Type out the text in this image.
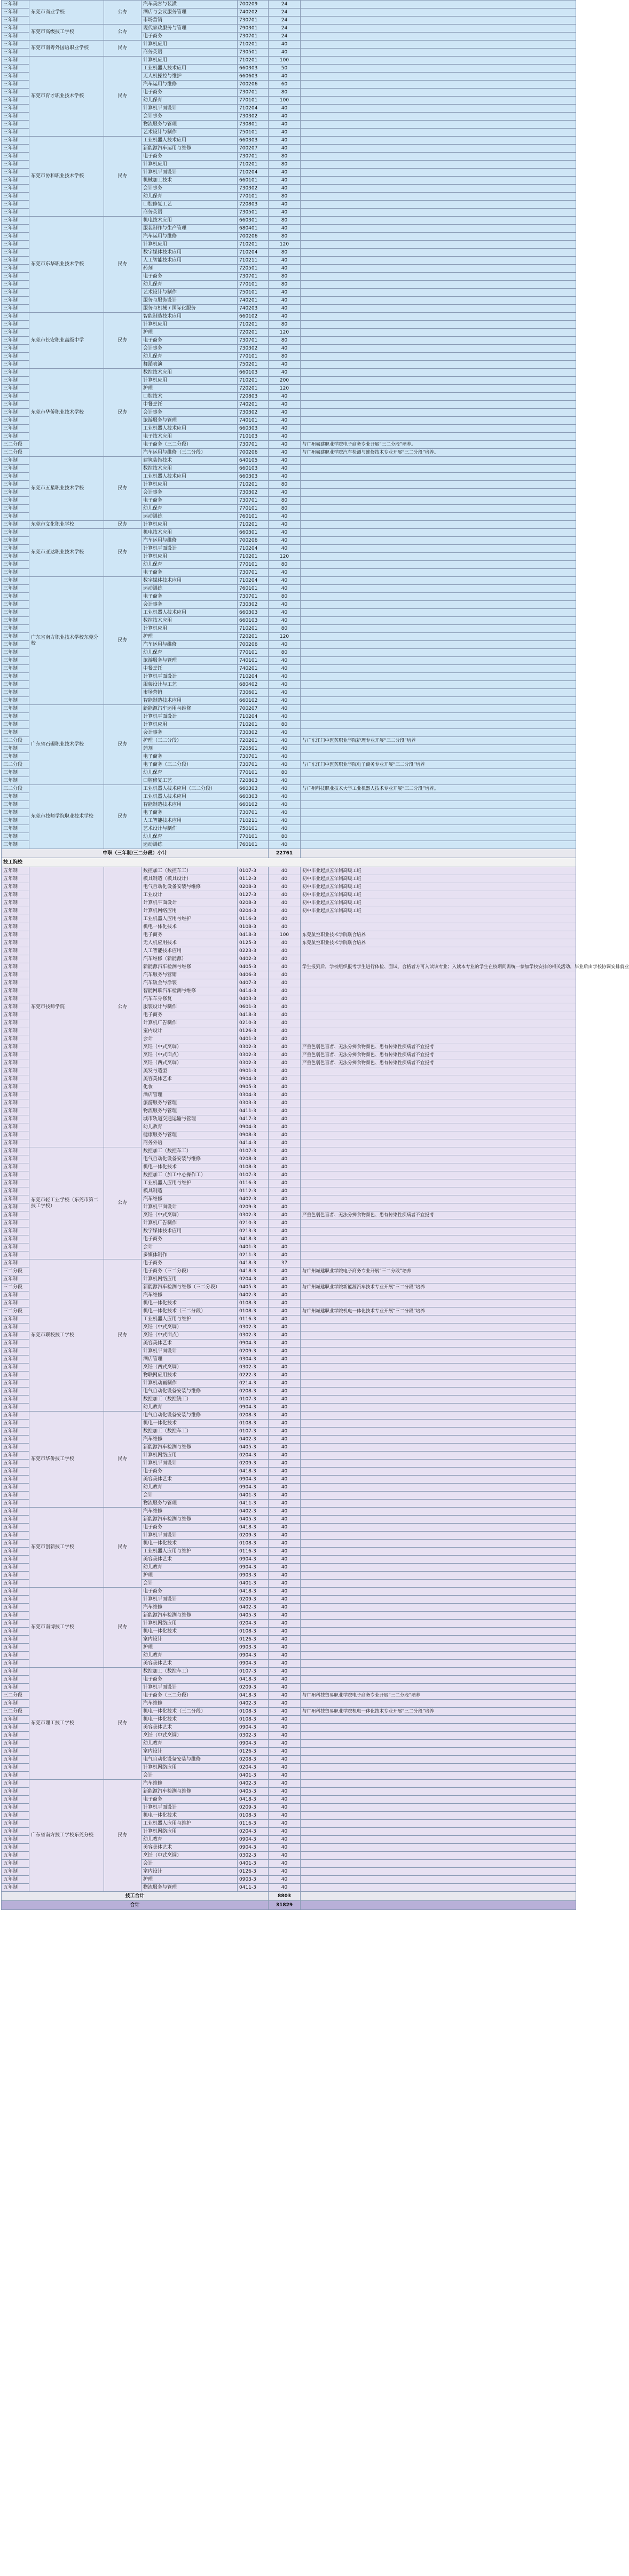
三年制	东莞市商业学校	公办	汽车美容与装潢	700209	24	
三年制			酒店与会议服务管理	740202	24	
三年制			市场营销	730701	24	
三年制	东莞市高级技工学校	公办	现代家政服务与管理	790301	24	
三年制			电子商务	730701	24	
三年制	东莞市南粤外国语职业学校	民办	计算机应用	710201	40	
三年制			商务英语	730501	40	
三年制	东莞市育才职业技术学校	民办	计算机应用	710201	100	
三年制			工业机器人技术应用	660303	50	
三年制			无人机操控与维护	660603	40	
三年制			汽车运用与维修	700206	60	
三年制			电子商务	730701	80	
三年制			幼儿保育	770101	100	
三年制			计算机平面设计	710204	40	
三年制			会计事务	730302	40	
三年制			物流服务与管理	730801	40	
三年制			艺术设计与制作	750101	40	
三年制	东莞市协和职业技术学校	民办	工业机器人技术应用	660303	40	
三年制			新能源汽车运用与维修	700207	40	
三年制			电子商务	730701	80	
三年制			计算机应用	710201	80	
三年制			计算机平面设计	710204	40	
三年制			机械加工技术	660101	40	
三年制			会计事务	730302	40	
三年制			幼儿保育	770101	80	
三年制			口腔修复工艺	720803	40	
三年制			商务英语	730501	40	
三年制	东莞市东华职业技术学校	民办	机电技术应用	660301	80	
三年制			服装制作与生产管理	680401	40	
三年制			汽车运用与维修	700206	80	
三年制			计算机应用	710201	120	
三年制			数字媒体技术应用	710204	80	
三年制			人工智能技术应用	710211	40	
三年制			药剂	720501	40	
三年制			电子商务	730701	80	
三年制			幼儿保育	770101	80	
三年制			艺术设计与制作	750101	40	
三年制			服务与服饰设计	740201	40	
三年制			服务与机械 / 国际化服务	740203	40	
三年制	东莞市长安职业高级中学	民办	智能制造技术应用	660102	40	
三年制			计算机应用	710201	80	
三年制			护理	720201	120	
三年制			电子商务	730701	80	
三年制			会计事务	730302	40	
三年制			幼儿保育	770101	80	
三年制			舞蹈表演	750201	40	
三年制	东莞市华侨职业技术学校	民办	数控技术应用	660103	40	
三年制			计算机应用	710201	200	
三年制			护理	720201	120	
三年制			口腔技术	720803	40	
三年制			中餐烹饪	740201	40	
三年制			会计事务	730302	40	
三年制			旅游服务与管理	740101	40	
三年制			工业机器人技术应用	660303	40	
三年制			电子技术应用	710103	40	
三二分段			电子商务（三二分段）	730701	40	与广州城建职业学院电子商务专业开展“三二分段”培养。
三二分段			汽车运用与维修（三二分段）	700206	40	与广州城建职业学院汽车检测与维修技术专业开展“三二分段”培养。
三年制	东莞市五星职业技术学校	民办	建筑装饰技术	640105	40	
三年制			数控技术应用	660103	40	
三年制			工业机器人技术应用	660303	40	
三年制			计算机应用	710201	80	
三年制			会计事务	730302	40	
三年制			电子商务	730701	80	
三年制			幼儿保育	770101	80	
三年制			运动训练	760101	40	
三年制	东莞市文化职业学校	民办	计算机应用	710201	40	
三年制	东莞市亚达职业技术学校	民办	机电技术应用	660301	40	
三年制			汽车运用与维修	700206	40	
三年制			计算机平面设计	710204	40	
三年制			计算机应用	710201	120	
三年制			幼儿保育	770101	80	
三年制			电子商务	730701	40	
三年制	广东省南方职业技术学校东莞分校	民办	数字媒体技术应用	710204	40	
三年制			运动训练	760101	40	
三年制			电子商务	730701	80	
三年制			会计事务	730302	40	
三年制			工业机器人技术应用	660303	40	
三年制			数控技术应用	660103	40	
三年制			计算机应用	710201	80	
三年制			护理	720201	120	
三年制			汽车运用与维修	700206	40	
三年制			幼儿保育	770101	80	
三年制			旅游服务与管理	740101	40	
三年制			中餐烹饪	740201	40	
三年制			计算机平面设计	710204	40	
三年制			服装设计与工艺	680402	40	
三年制			市场营销	730601	40	
三年制			智能制造技术应用	660102	40	
三年制	广东省石碣职业技术学校	民办	新能源汽车运用与维修	700207	40	
三年制			计算机平面设计	710204	40	
三年制			计算机应用	710201	80	
三年制			会计事务	730302	40	
三二分段			护理（三二分段）	720201	40	与广东江门中医药职业学院护理专业开展“三二分段”培养
三年制			药剂	720501	40	
三年制			电子商务	730701	40	
三二分段			电子商务（三二分段）	730701	40	与广东江门中医药职业学院电子商务专业开展“三二分段”培养
三年制			幼儿保育	770101	80	
三年制			口腔修复工艺	720803	40	
三二分段	东莞市技师学院职业技术学校	民办	工业机器人技术应用（三二分段）	660303	40	与广州科技职业技术大学工业机器人技术专业开展“三二分段”培养。
三年制			工业机器人技术应用	660303	40	
三年制			智能制造技术应用	660102	40	
三年制			电子商务	730701	40	
三年制			人工智能技术应用	710211	40	
三年制			艺术设计与制作	750101	40	
三年制			幼儿保育	770101	80	
三年制			运动训练	760101	40	
中职（三年制/三二分段）小计					22761	
技工院校						
五年制	东莞市技师学院	公办	数控加工（数控车工）	0107-3	40	初中毕业起点五年制高级工班
五年制			模具制造（模具设计）	0112-3	40	初中毕业起点五年制高级工班
五年制			电气自动化设备安装与维修	0208-3	40	初中毕业起点五年制高级工班
五年制			工业设计	0127-3	40	初中毕业起点五年制高级工班
五年制			计算机平面设计	0208-3	40	初中毕业起点五年制高级工班
五年制			计算机网络应用	0204-3	40	初中毕业起点五年制高级工班
五年制			工业机器人应用与维护	0116-3	40	
五年制			机电一体化技术	0108-3	40	
五年制			电子商务	0418-3	100	东莞航空职业技术学院联合培养
五年制			无人机应用技术	0125-3	40	东莞航空职业技术学院联合培养
五年制			人工智能技术应用	0223-3	40	
五年制			汽车维修（新能源）	0402-3	40	
五年制			新能源汽车检测与维修	0405-3	40	学生报到后，学校组织报考学生进行体检、面试，合格者方可入读该专业；入读本专业的学生在校期间需统一参加学校安排的相关活动，毕业后由学校协调安排就业
五年制			汽车服务与营销	0406-3	40	
五年制			汽车钣金与涂装	0407-3	40	
五年制			智能网联汽车检测与维修	0414-3	40	
五年制			汽车车身修复	0403-3	40	
五年制			服装设计与制作	0601-3	40	
五年制			电子商务	0418-3	40	
五年制			计算机广告制作	0210-3	40	
五年制			室内设计	0126-3	40	
五年制			会计	0401-3	40	
五年制			烹饪（中式烹调）	0302-3	40	严重色弱色盲者、无法分辨食物颜色、患有传染性疾病者不宜报考
五年制			烹饪（中式面点）	0302-3	40	严重色弱色盲者、无法分辨食物颜色、患有传染性疾病者不宜报考
五年制			烹饪（西式烹调）	0302-3	40	严重色弱色盲者、无法分辨食物颜色、患有传染性疾病者不宜报考
五年制			美发与造型	0901-3	40	
五年制			美容美体艺术	0904-3	40	
五年制			化妆	0905-3	40	
五年制			酒店管理	0304-3	40	
五年制			旅游服务与管理	0303-3	40	
五年制			物流服务与管理	0411-3	40	
五年制			城市轨道交通运输与管理	0417-3	40	
五年制			幼儿教育	0904-3	40	
五年制			健康服务与管理	0908-3	40	
五年制			商务外语	0414-3	40	
五年制	东莞市轻工业学校（东莞市第二技工学校）	公办	数控加工（数控车工）	0107-3	40	
五年制			电气自动化设备安装与维修	0208-3	40	
五年制			机电一体化技术	0108-3	40	
五年制			数控加工（加工中心操作工）	0107-3	40	
五年制			工业机器人应用与维护	0116-3	40	
五年制			模具制造	0112-3	40	
五年制			汽车维修	0402-3	40	
五年制			计算机平面设计	0209-3	40	
五年制			烹饪（中式烹调）	0302-3	40	严重色弱色盲者、无法分辨食物颜色、患有传染性疾病者不宜报考
五年制			计算机广告制作	0210-3	40	
五年制			数字媒体技术应用	0213-3	40	
五年制			电子商务	0418-3	40	
五年制			会计	0401-3	40	
五年制			多媒体制作	0211-3	40	
五年制	东莞市联校技工学校	民办	电子商务	0418-3	37	
三二分段			电子商务（三二分段）	0418-3	40	与广州城建职业学院电子商务专业开展“三二分段”培养
五年制			计算机网络应用	0204-3	40	
三二分段			新能源汽车检测与维修（三二分段）	0405-3	40	与广州城建职业学院新能源汽车技术专业开展“三二分段”培养
五年制			汽车维修	0402-3	40	
五年制			机电一体化技术	0108-3	40	
三二分段			机电一体化技术（三二分段）	0108-3	40	与广州城建职业学院机电一体化技术专业开展“三二分段”培养
五年制			工业机器人应用与维护	0116-3	40	
五年制			烹饪（中式烹调）	0302-3	40	
五年制			烹饪（中式面点）	0302-3	40	
五年制			美容美体艺术	0904-3	40	
五年制			计算机平面设计	0209-3	40	
五年制			酒店管理	0304-3	40	
五年制			烹饪（西式烹调）	0302-3	40	
五年制			物联网应用技术	0222-3	40	
五年制			计算机动画制作	0214-3	40	
五年制			电气自动化设备安装与维修	0208-3	40	
五年制			数控加工（数控铣工）	0107-3	40	
五年制			幼儿教育	0904-3	40	
五年制	东莞市华侨技工学校	民办	电气自动化设备安装与维修	0208-3	40	
五年制			机电一体化技术	0108-3	40	
五年制			数控加工（数控车工）	0107-3	40	
五年制			汽车维修	0402-3	40	
五年制			新能源汽车检测与维修	0405-3	40	
五年制			计算机网络应用	0204-3	40	
五年制			计算机平面设计	0209-3	40	
五年制			电子商务	0418-3	40	
五年制			美容美体艺术	0904-3	40	
五年制			幼儿教育	0904-3	40	
五年制			会计	0401-3	40	
五年制			物流服务与管理	0411-3	40	
五年制	东莞市创新技工学校	民办	汽车维修	0402-3	40	
五年制			新能源汽车检测与维修	0405-3	40	
五年制			电子商务	0418-3	40	
五年制			计算机平面设计	0209-3	40	
五年制			机电一体化技术	0108-3	40	
五年制			工业机器人应用与维护	0116-3	40	
五年制			美容美体艺术	0904-3	40	
五年制			幼儿教育	0904-3	40	
五年制			护理	0903-3	40	
五年制			会计	0401-3	40	
五年制	东莞市南博技工学校	民办	电子商务	0418-3	40	
五年制			计算机平面设计	0209-3	40	
五年制			汽车维修	0402-3	40	
五年制			新能源汽车检测与维修	0405-3	40	
五年制			计算机网络应用	0204-3	40	
五年制			机电一体化技术	0108-3	40	
五年制			室内设计	0126-3	40	
五年制			护理	0903-3	40	
五年制			幼儿教育	0904-3	40	
五年制			美容美体艺术	0904-3	40	
五年制	东莞市理工技工学校	民办	数控加工（数控车工）	0107-3	40	
五年制			电子商务	0418-3	40	
五年制			计算机平面设计	0209-3	40	
三二分段			电子商务（三二分段）	0418-3	40	与广州科技贸易职业学院电子商务专业开展“三二分段”培养
五年制			汽车维修	0402-3	40	
三二分段			机电一体化技术（三二分段）	0108-3	40	与广州科技贸易职业学院机电一体化技术专业开展“三二分段”培养
五年制			机电一体化技术	0108-3	40	
五年制			美容美体艺术	0904-3	40	
五年制			烹饪（中式烹调）	0302-3	40	
五年制			幼儿教育	0904-3	40	
五年制			室内设计	0126-3	40	
五年制			电气自动化设备安装与维修	0208-3	40	
五年制			计算机网络应用	0204-3	40	
五年制			会计	0401-3	40	
五年制	广东省南方技工学校东莞分校	民办	汽车维修	0402-3	40	
五年制			新能源汽车检测与维修	0405-3	40	
五年制			电子商务	0418-3	40	
五年制			计算机平面设计	0209-3	40	
五年制			机电一体化技术	0108-3	40	
五年制			工业机器人应用与维护	0116-3	40	
五年制			计算机网络应用	0204-3	40	
五年制			幼儿教育	0904-3	40	
五年制			美容美体艺术	0904-3	40	
五年制			烹饪（中式烹调）	0302-3	40	
五年制			会计	0401-3	40	
五年制			室内设计	0126-3	40	
五年制			护理	0903-3	40	
五年制			物流服务与管理	0411-3	40	
技工合计					8803	
合计					31829	
